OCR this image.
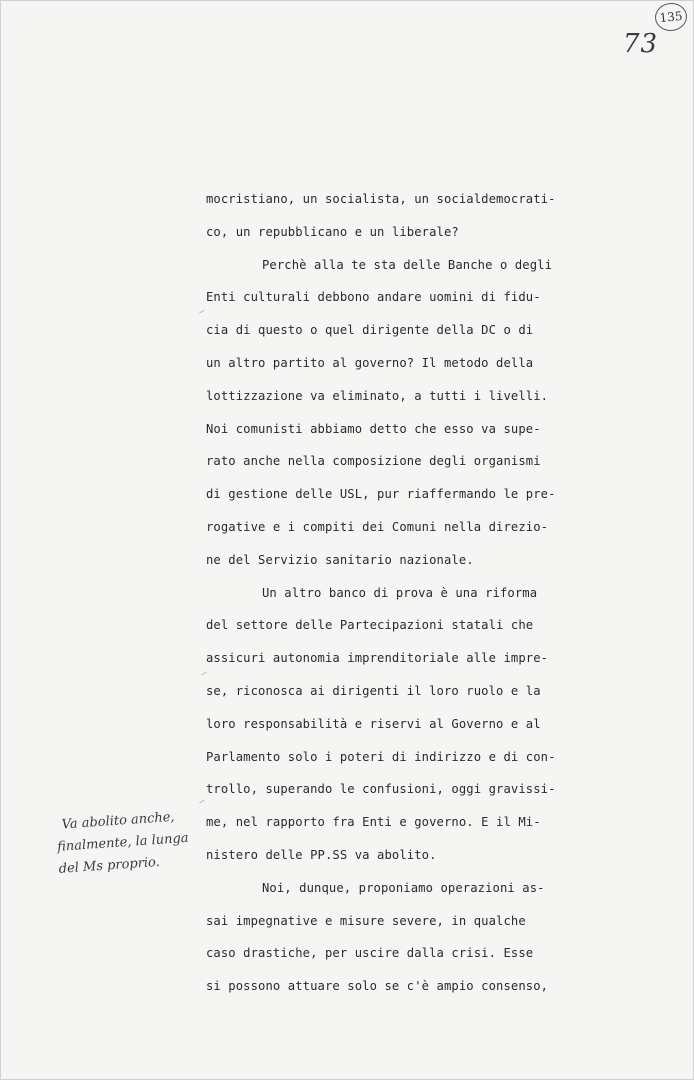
135
73
mocristiano, un socialista, un socialdemocrati-
co, un repubblicano e un liberale?
Perchè alla te sta delle Banche o degli
Enti culturali debbono andare uomini di fidu-
cia di questo o quel dirigente della DC o di
un altro partito al governo? Il metodo della
lottizzazione va eliminato, a tutti i livelli.
Noi comunisti abbiamo detto che esso va supe-
rato anche nella composizione degli organismi
di gestione delle USL, pur riaffermando le pre-
rogative e i compiti dei Comuni nella direzio-
ne del Servizio sanitario nazionale.
Un altro banco di prova è una riforma
del settore delle Partecipazioni statali che
assicuri autonomia imprenditoriale alle impre-
se, riconosca ai dirigenti il loro ruolo e la
loro responsabilità e riservi al Governo e al
Parlamento solo i poteri di indirizzo e di con-
trollo, superando le confusioni, oggi gravissi-
me, nel rapporto fra Enti e governo. E il Mi-
nistero delle PP.SS va abolito.
Noi, dunque, proponiamo operazioni as-
sai impegnative e misure severe, in qualche
caso drastiche, per uscire dalla crisi. Esse
si possono attuare solo se c'è ampio consenso,
Va abolito anche,
finalmente, la lunga
del Ms proprio.
